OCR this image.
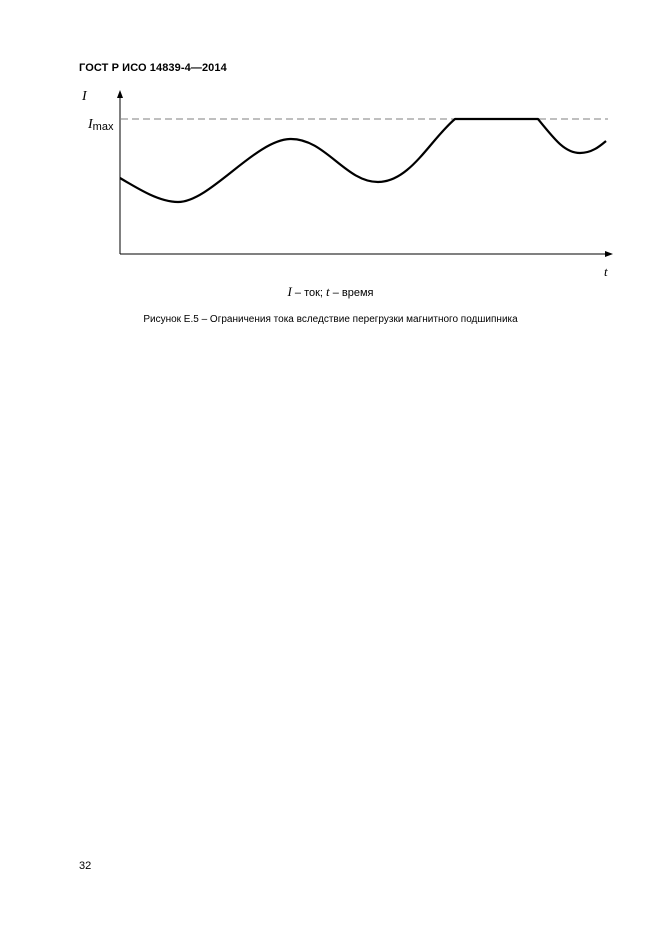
ГОСТ Р ИСО 14839-4—2014
I
Imax
t
I – ток; t – время
Рисунок Е.5 – Ограничения тока вследствие перегрузки магнитного подшипника
32
